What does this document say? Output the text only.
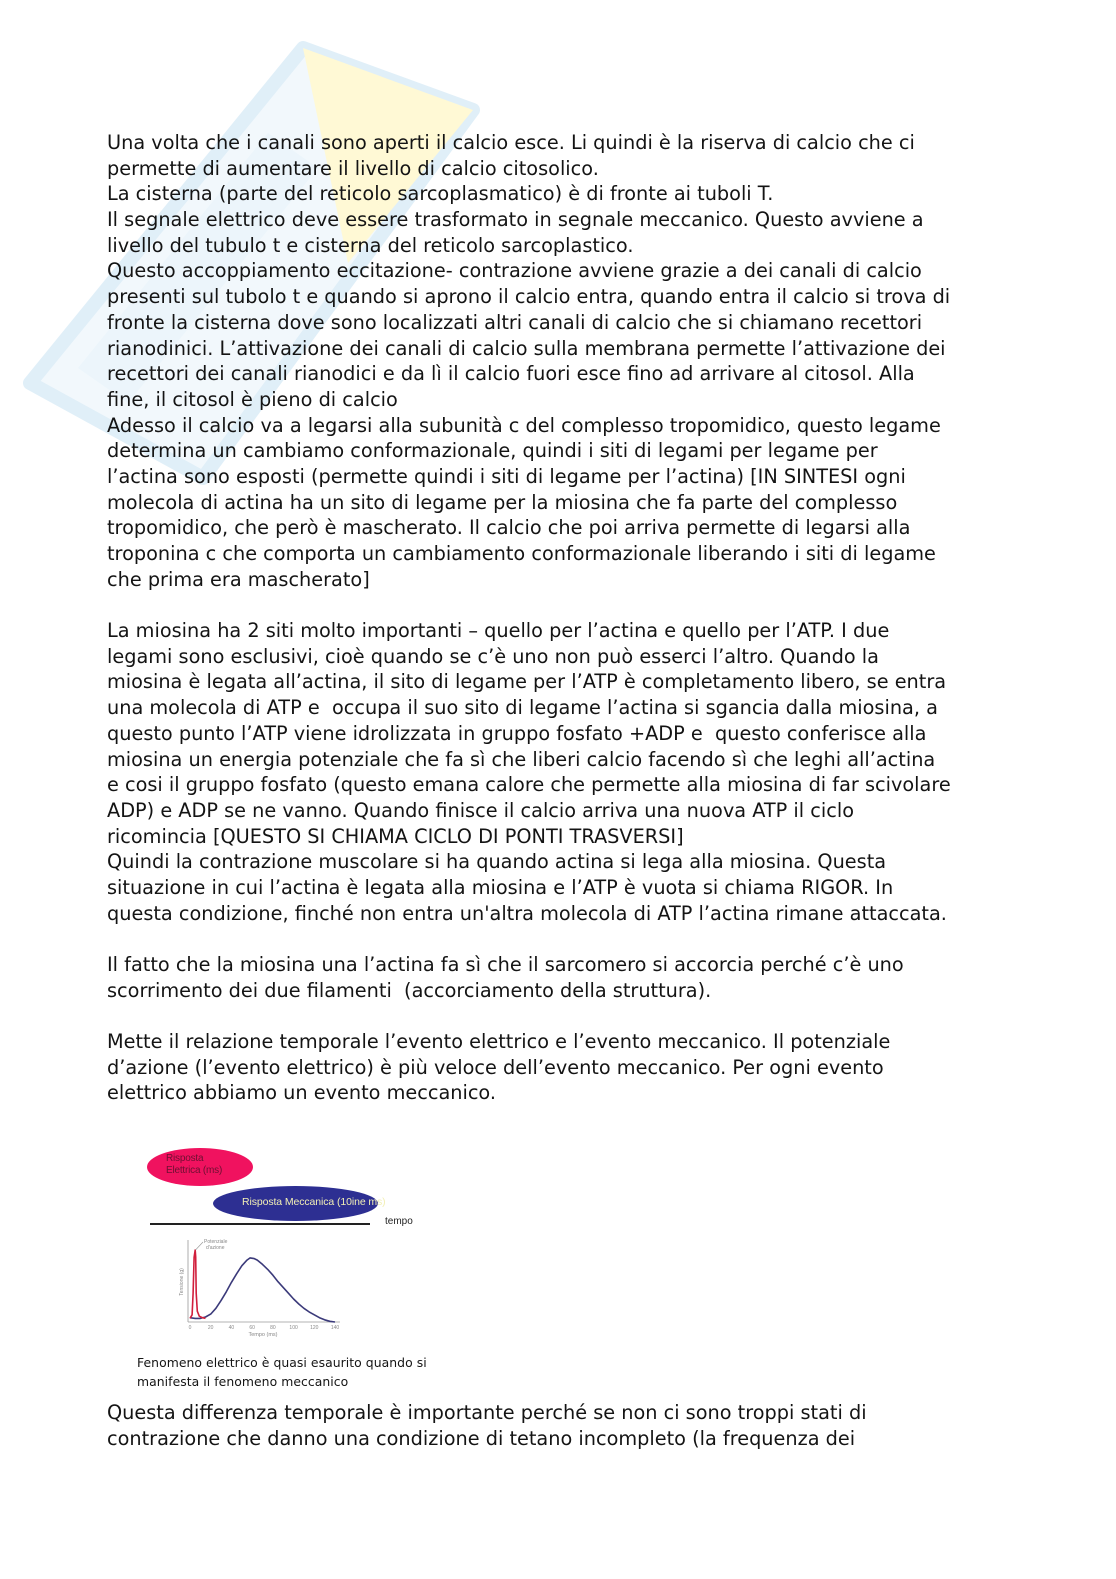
Una volta che i canali sono aperti il calcio esce. Li quindi è la riserva di calcio che ci
permette di aumentare il livello di calcio citosolico.
La cisterna (parte del reticolo sarcoplasmatico) è di fronte ai tuboli T.
Il segnale elettrico deve essere trasformato in segnale meccanico. Questo avviene a
livello del tubulo t e cisterna del reticolo sarcoplastico.
Questo accoppiamento eccitazione- contrazione avviene grazie a dei canali di calcio
presenti sul tubolo t e quando si aprono il calcio entra, quando entra il calcio si trova di
fronte la cisterna dove sono localizzati altri canali di calcio che si chiamano recettori
rianodinici. L’attivazione dei canali di calcio sulla membrana permette l’attivazione dei
recettori dei canali rianodici e da lì il calcio fuori esce fino ad arrivare al citosol. Alla
fine, il citosol è pieno di calcio
Adesso il calcio va a legarsi alla subunità c del complesso tropomidico, questo legame
determina un cambiamo conformazionale, quindi i siti di legami per legame per
l’actina sono esposti (permette quindi i siti di legame per l’actina) [IN SINTESI ogni
molecola di actina ha un sito di legame per la miosina che fa parte del complesso
tropomidico, che però è mascherato. Il calcio che poi arriva permette di legarsi alla
troponina c che comporta un cambiamento conformazionale liberando i siti di legame
che prima era mascherato]
La miosina ha 2 siti molto importanti – quello per l’actina e quello per l’ATP. I due
legami sono esclusivi, cioè quando se c’è uno non può esserci l’altro. Quando la
miosina è legata all’actina, il sito di legame per l’ATP è completamento libero, se entra
una molecola di ATP e  occupa il suo sito di legame l’actina si sgancia dalla miosina, a
questo punto l’ATP viene idrolizzata in gruppo fosfato +ADP e  questo conferisce alla
miosina un energia potenziale che fa sì che liberi calcio facendo sì che leghi all’actina
e cosi il gruppo fosfato (questo emana calore che permette alla miosina di far scivolare
ADP) e ADP se ne vanno. Quando finisce il calcio arriva una nuova ATP il ciclo
ricomincia [QUESTO SI CHIAMA CICLO DI PONTI TRASVERSI]
Quindi la contrazione muscolare si ha quando actina si lega alla miosina. Questa
situazione in cui l’actina è legata alla miosina e l’ATP è vuota si chiama RIGOR. In
questa condizione, finché non entra un'altra molecola di ATP l’actina rimane attaccata.
Il fatto che la miosina una l’actina fa sì che il sarcomero si accorcia perché c’è uno
scorrimento dei due filamenti  (accorciamento della struttura).
Mette il relazione temporale l’evento elettrico e l’evento meccanico. Il potenziale
d’azione (l’evento elettrico) è più veloce dell’evento meccanico. Per ogni evento
elettrico abbiamo un evento meccanico.
Risposta
Elettrica (ms)
Risposta Meccanica (10ine ms)
tempo
0	20	40	60	80	100 120 140
Potenziale
d'azione
Tempo (ms)
Tensione (g)
Fenomeno elettrico è quasi esaurito quando si
manifesta il fenomeno meccanico
Questa differenza temporale è importante perché se non ci sono troppi stati di
contrazione che danno una condizione di tetano incompleto (la frequenza dei
